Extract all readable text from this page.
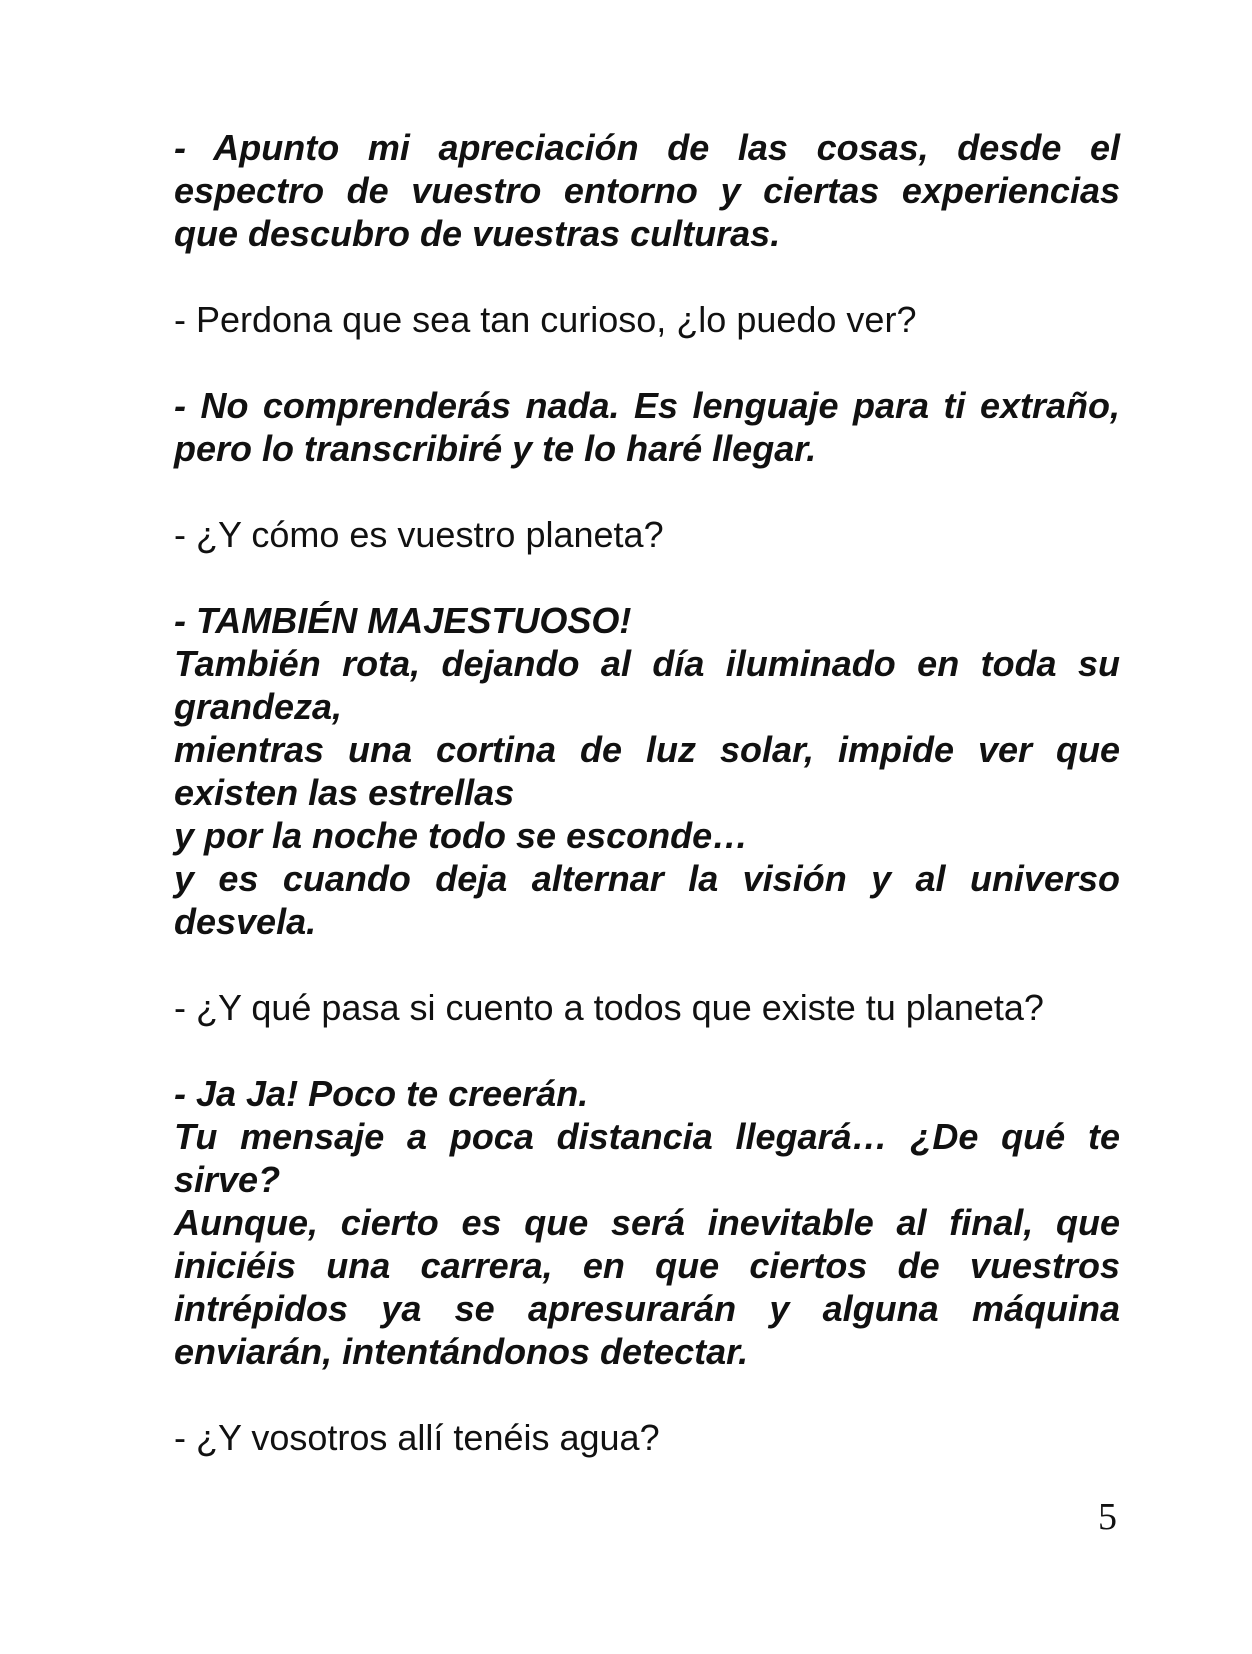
- Apunto mi apreciación de las cosas, desde el
espectro de vuestro entorno y ciertas experiencias
que descubro de vuestras culturas.

- Perdona que sea tan curioso, ¿lo puedo ver?

- No comprenderás nada. Es lenguaje para ti extraño,
pero lo transcribiré y te lo haré llegar.

- ¿Y cómo es vuestro planeta?

- TAMBIÉN MAJESTUOSO!
También rota, dejando al día iluminado en toda su
grandeza,
mientras una cortina de luz solar, impide ver que
existen las estrellas
y por la noche todo se esconde…
y es cuando deja alternar la visión y al universo
desvela.

- ¿Y qué pasa si cuento a todos que existe tu planeta?

- Ja Ja! Poco te creerán.
Tu mensaje a poca distancia llegará… ¿De qué te
sirve?
Aunque, cierto es que será inevitable al final, que
iniciéis una carrera, en que ciertos de vuestros
intrépidos ya se apresurarán y alguna máquina
enviarán, intentándonos detectar.

- ¿Y vosotros allí tenéis agua?

5
